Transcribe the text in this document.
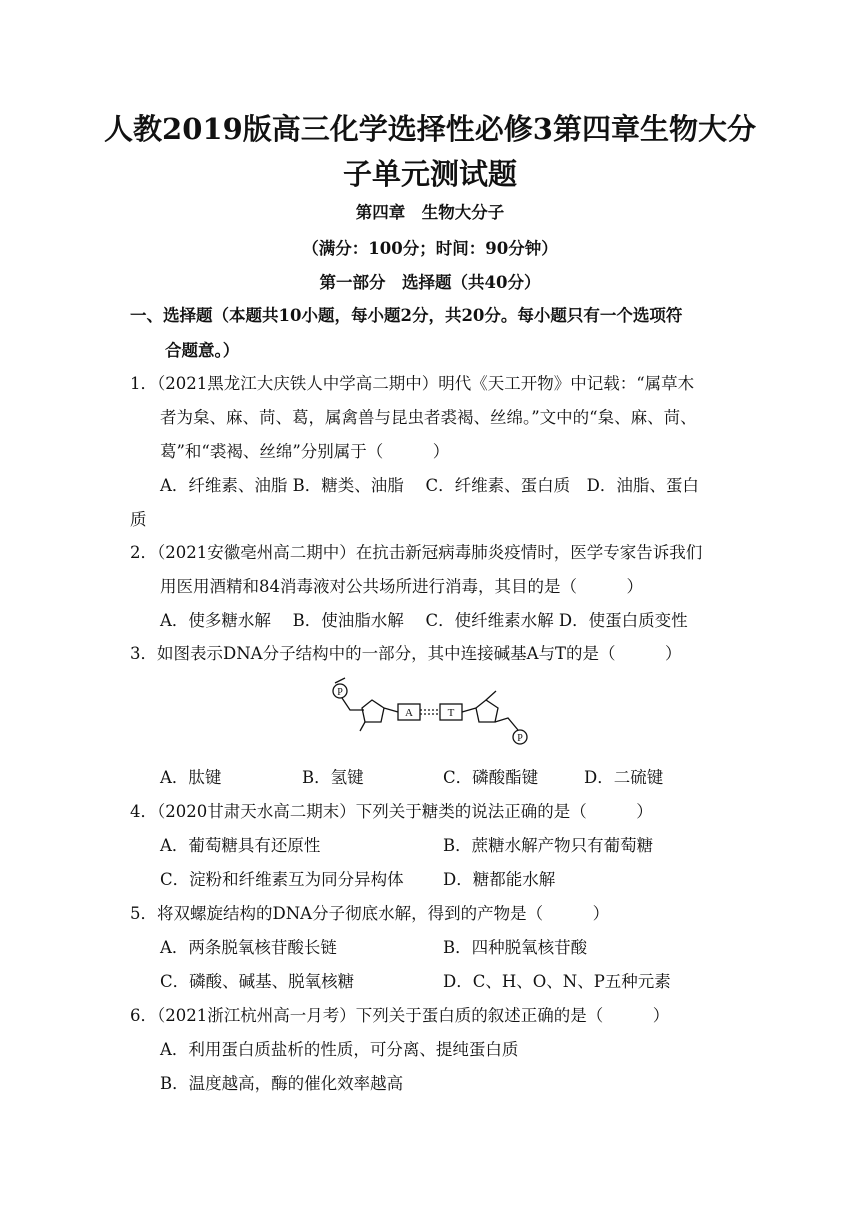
人教2019版高三化学选择性必修3第四章生物大分
子单元测试题
第四章　生物大分子
（满分：100分；时间：90分钟）
第一部分　选择题（共40分）
一、选择题（本题共10小题，每小题2分，共20分。每小题只有一个选项符
合题意。）
1．（2021黑龙江大庆铁人中学高二期中）明代《天工开物》中记载：“属草木
者为枲、麻、苘、葛，属禽兽与昆虫者裘褐、丝绵。”文中的“枲、麻、苘、
葛”和“裘褐、丝绵”分别属于（　　　）
A．纤维素、油脂 B．糖类、油脂　 C．纤维素、蛋白质　D．油脂、蛋白
质
2．（2021安徽亳州高二期中）在抗击新冠病毒肺炎疫情时，医学专家告诉我们
用医用酒精和84消毒液对公共场所进行消毒，其目的是（　　　）
A．使多糖水解　 B．使油脂水解　 C．使纤维素水解 D．使蛋白质变性
3．如图表示DNA分子结构中的一部分，其中连接碱基A与T的是（　　　）
P
A	T
P
A．肽键	B．氢键	C．磷酸酯键	D．二硫键
4．（2020甘肃天水高二期末）下列关于糖类的说法正确的是（　　　）
A．葡萄糖具有还原性	B．蔗糖水解产物只有葡萄糖
C．淀粉和纤维素互为同分异构体 D．糖都能水解
5．将双螺旋结构的DNA分子彻底水解，得到的产物是（　　　）
A．两条脱氧核苷酸长链	B．四种脱氧核苷酸
C．磷酸、碱基、脱氧核糖	D．C、H、O、N、P五种元素
6．（2021浙江杭州高一月考）下列关于蛋白质的叙述正确的是（　　　）
A．利用蛋白质盐析的性质，可分离、提纯蛋白质
B．温度越高，酶的催化效率越高
